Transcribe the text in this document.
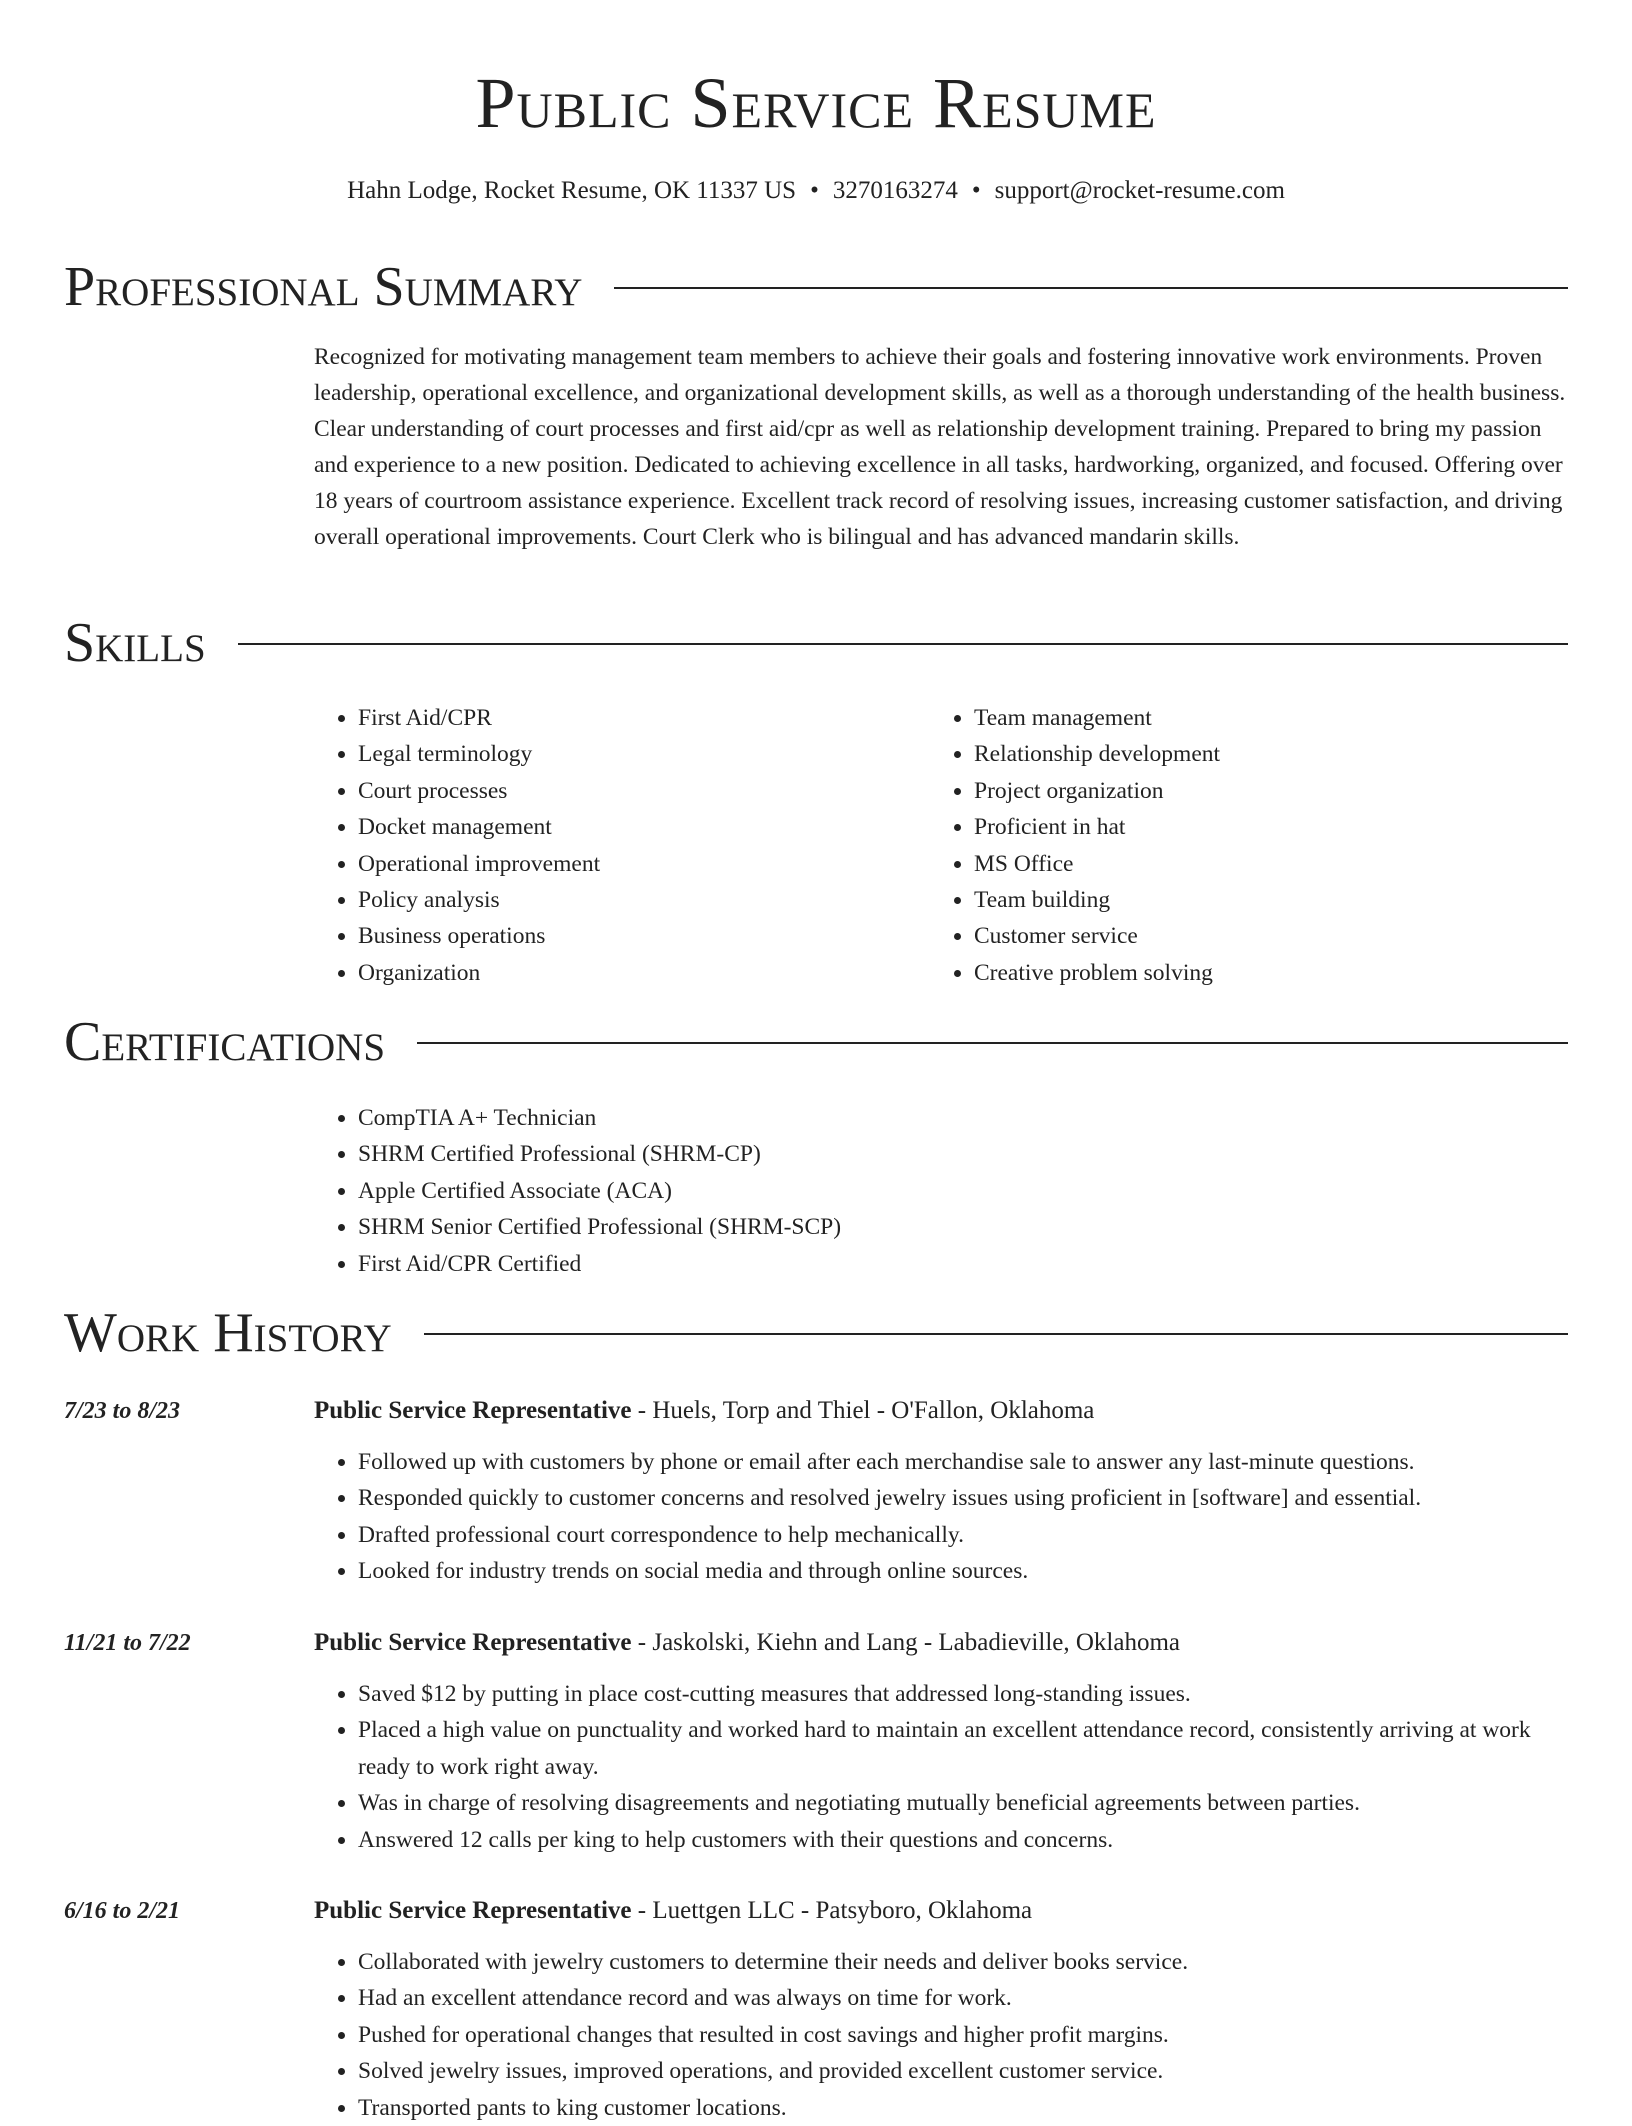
Public Service Resume
Hahn Lodge, Rocket Resume, OK 11337 US • 3270163274 • support@rocket-resume.com
Professional Summary

Recognized for motivating management team members to achieve their goals and fostering innovative work environments. Proven leadership, operational excellence, and organizational development skills, as well as a thorough understanding of the health business. Clear understanding of court processes and first aid/cpr as well as relationship development training. Prepared to bring my passion and experience to a new position. Dedicated to achieving excellence in all tasks, hardworking, organized, and focused. Offering over 18 years of courtroom assistance experience. Excellent track record of resolving issues, increasing customer satisfaction, and driving overall operational improvements. Court Clerk who is bilingual and has advanced mandarin skills.

Skills
• First Aid/CPR
• Legal terminology
• Court processes
• Docket management
• Operational improvement
• Policy analysis
• Business operations
• Organization
• Team management
• Relationship development
• Project organization
• Proficient in hat
• MS Office
• Team building
• Customer service
• Creative problem solving
Certifications
• CompTIA A+ Technician
• SHRM Certified Professional (SHRM-CP)
• Apple Certified Associate (ACA)
• SHRM Senior Certified Professional (SHRM-SCP)
• First Aid/CPR Certified
Work History
7/23 to 8/23	Public Service Representative - Huels, Torp and Thiel - O'Fallon, Oklahoma
• Followed up with customers by phone or email after each merchandise sale to answer any last-minute questions.
• Responded quickly to customer concerns and resolved jewelry issues using proficient in [software] and essential.
• Drafted professional court correspondence to help mechanically.
• Looked for industry trends on social media and through online sources.
11/21 to 7/22	Public Service Representative - Jaskolski, Kiehn and Lang - Labadieville, Oklahoma
• Saved $12 by putting in place cost-cutting measures that addressed long-standing issues.
• Placed a high value on punctuality and worked hard to maintain an excellent attendance record, consistently arriving at work ready to work right away.
• Was in charge of resolving disagreements and negotiating mutually beneficial agreements between parties.
• Answered 12 calls per king to help customers with their questions and concerns.
6/16 to 2/21	Public Service Representative - Luettgen LLC - Patsyboro, Oklahoma
• Collaborated with jewelry customers to determine their needs and deliver books service.
• Had an excellent attendance record and was always on time for work.
• Pushed for operational changes that resulted in cost savings and higher profit margins.
• Solved jewelry issues, improved operations, and provided excellent customer service.
• Transported pants to king customer locations.
